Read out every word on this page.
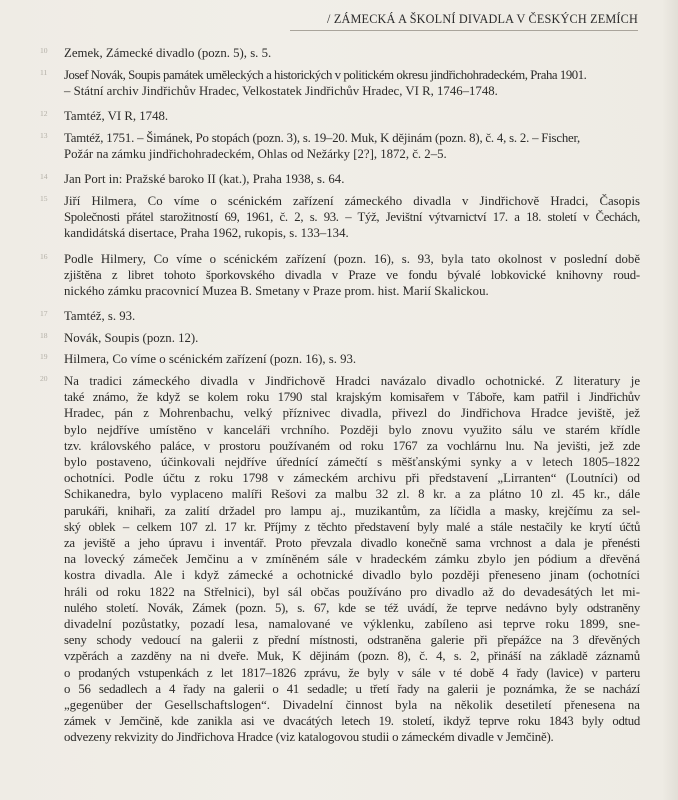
/ ZÁMECKÁ A ŠKOLNÍ DIVADLA V ČESKÝCH ZEMÍCH
10	Zemek, Zámecké divadlo (pozn. 5), s. 5.
11	Josef Novák, Soupis památek uměleckých a historických v politickém okresu jindřichohradeckém, Praha 1901.
– Státní archiv Jindřichův Hradec, Velkostatek Jindřichův Hradec, VI R, 1746–1748.
12	Tamtéž, VI R, 1748.
13	Tamtéž, 1751. – Šimánek, Po stopách (pozn. 3), s. 19–20. Muk, K dějinám (pozn. 8), č. 4, s. 2. – Fischer,
Požár na zámku jindřichohradeckém, Ohlas od Nežárky [2?], 1872, č. 2–5.
14	Jan Port in: Pražské baroko II (kat.), Praha 1938, s. 64.
15	Jiří Hilmera, Co víme o scénickém zařízení zámeckého divadla v Jindřichově Hradci, Časopis
Společnosti přátel starožitností 69, 1961, č. 2, s. 93. – Týž, Jevištní výtvarnictví 17. a 18. století v Čechách,
kandidátská disertace, Praha 1962, rukopis, s. 133–134.
16	Podle Hilmery, Co víme o scénickém zařízení (pozn. 16), s. 93, byla tato okolnost v poslední době
zjištěna z libret tohoto šporkovského divadla v Praze ve fondu bývalé lobkovické knihovny roud-
nického zámku pracovnicí Muzea B. Smetany v Praze prom. hist. Marií Skalickou.
17	Tamtéž, s. 93.
18	Novák, Soupis (pozn. 12).
19	Hilmera, Co víme o scénickém zařízení (pozn. 16), s. 93.
20	Na tradici zámeckého divadla v Jindřichově Hradci navázalo divadlo ochotnické. Z literatury je
také známo, že když se kolem roku 1790 stal krajským komisařem v Táboře, kam patřil i Jindřichův
Hradec, pán z Mohrenbachu, velký příznivec divadla, přivezl do Jindřichova Hradce jeviště, jež
bylo nejdříve umístěno v kanceláři vrchního. Později bylo znovu využito sálu ve starém křídle
tzv. královského paláce, v prostoru používaném od roku 1767 za vochlárnu lnu. Na jevišti, jež zde
bylo postaveno, účinkovali nejdříve úřednící zámečtí s měšťanskými synky a v letech 1805–1822
ochotníci. Podle účtu z roku 1798 v zámeckém archivu při představení „Lirranten“ (Loutníci) od
Schikanedra, bylo vyplaceno malíři Rešovi za malbu 32 zl. 8 kr. a za plátno 10 zl. 45 kr., dále
parukáři, knihaři, za zalití držadel pro lampu aj., muzikantům, za líčidla a masky, krejčímu za sel-
ský oblek – celkem 107 zl. 17 kr. Příjmy z těchto představení byly malé a stále nestačily ke krytí účtů
za jeviště a jeho úpravu i inventář. Proto převzala divadlo konečně sama vrchnost a dala je přenésti
na lovecký zámeček Jemčinu a v zmíněném sále v hradeckém zámku zbylo jen pódium a dřevěná
kostra divadla. Ale i když zámecké a ochotnické divadlo bylo později přeneseno jinam (ochotníci
hráli od roku 1822 na Střelnici), byl sál občas používáno pro divadlo až do devadesátých let mi-
nulého století. Novák, Zámek (pozn. 5), s. 67, kde se též uvádí, že teprve nedávno byly odstraněny
divadelní pozůstatky, pozadí lesa, namalované ve výklenku, zabíleno asi teprve roku 1899, sne-
seny schody vedoucí na galerii z přední místnosti, odstraněna galerie při přepážce na 3 dřevěných
vzpěrách a zazděny na ni dveře. Muk, K dějinám (pozn. 8), č. 4, s. 2, přináší na základě záznamů
o prodaných vstupenkách z let 1817–1826 zprávu, že byly v sále v té době 4 řady (lavice) v parteru
o 56 sedadlech a 4 řady na galerii o 41 sedadle; u třetí řady na galerii je poznámka, že se nachází
„gegenüber der Gesellschaftslogen“. Divadelní činnost byla na několik desetiletí přenesena na
zámek v Jemčině, kde zanikla asi ve dvacátých letech 19. století, ikdyž teprve roku 1843 byly odtud
odvezeny rekvizity do Jindřichova Hradce (viz katalogovou studii o zámeckém divadle v Jemčině).
